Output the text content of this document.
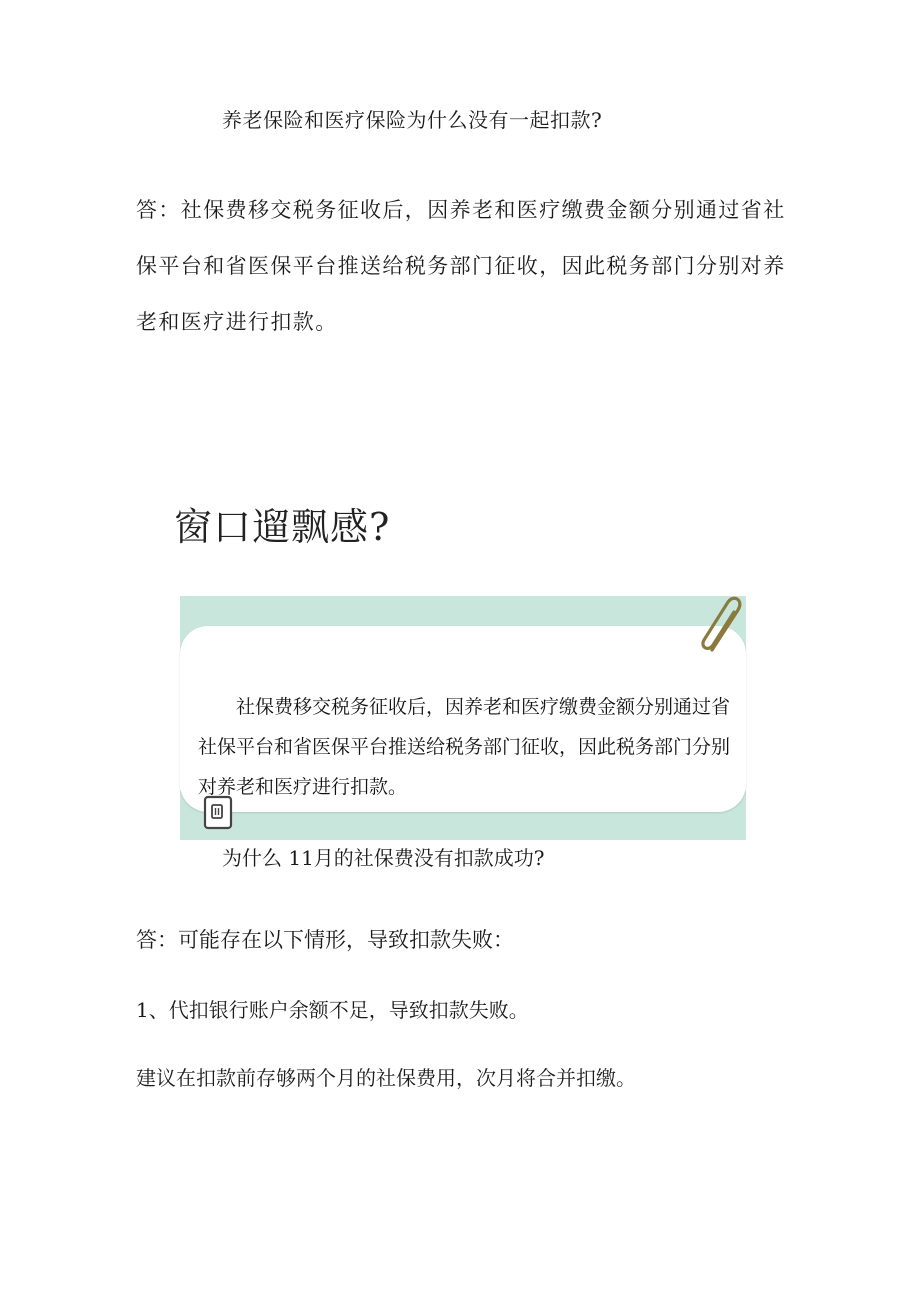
养老保险和医疗保险为什么没有一起扣款?

答：社保费移交税务征收后，因养老和医疗缴费金额分别通过省社保平台和省医保平台推送给税务部门征收，因此税务部门分别对养老和医疗进行扣款。

窗口遛飘感?

社保费移交税务征收后，因养老和医疗缴费金额分别通过省社保平台和省医保平台推送给税务部门征收，因此税务部门分别对养老和医疗进行扣款。

为什么 11月的社保费没有扣款成功?

答：可能存在以下情形，导致扣款失败：

1、代扣银行账户余额不足，导致扣款失败。

建议在扣款前存够两个月的社保费用，次月将合并扣缴。
